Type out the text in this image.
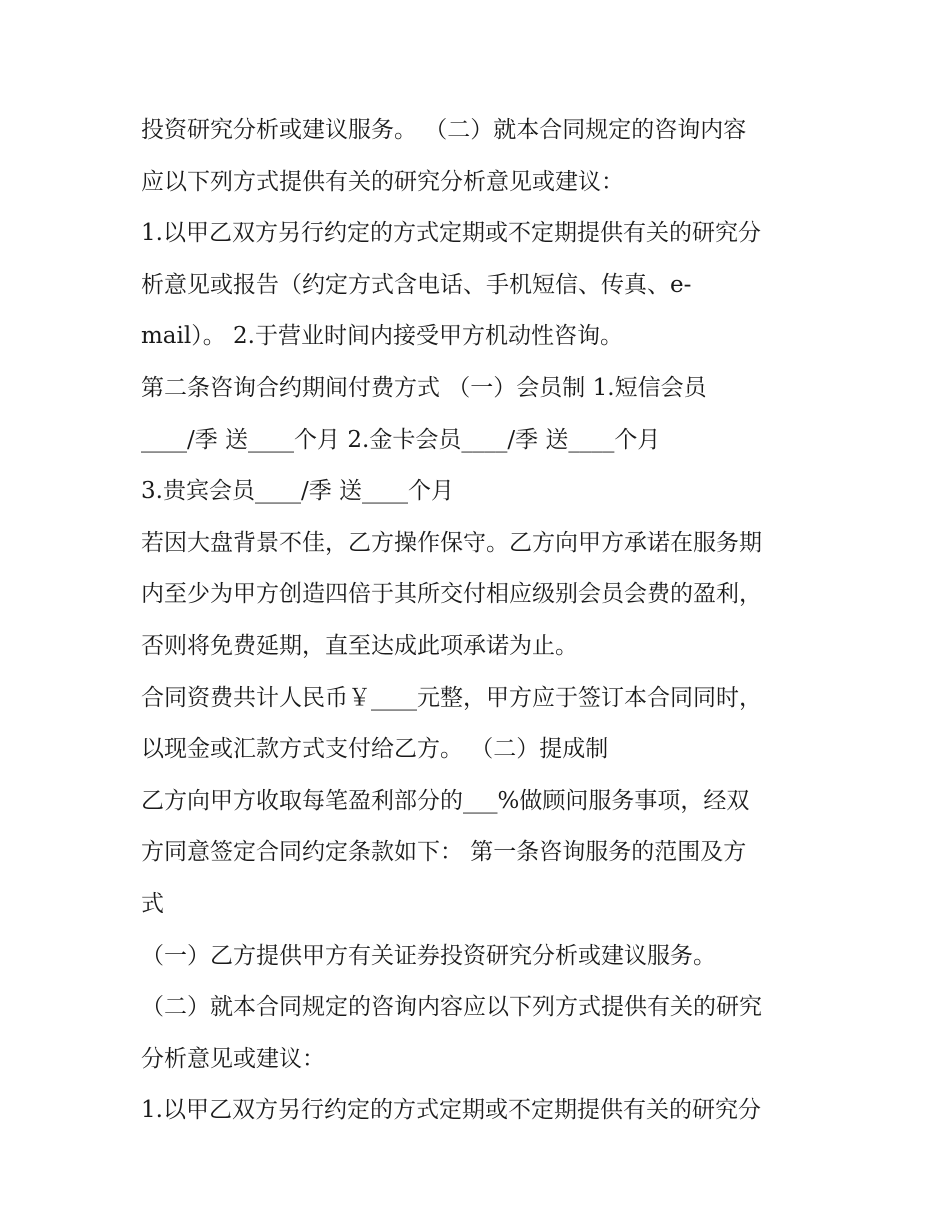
投资研究分析或建议服务。 （二）就本合同规定的咨询内容
应以下列方式提供有关的研究分析意见或建议：
1.以甲乙双方另行约定的方式定期或不定期提供有关的研究分
析意见或报告（约定方式含电话、手机短信、传真、e-
mail）。 2.于营业时间内接受甲方机动性咨询。
第二条咨询合约期间付费方式 （一）会员制 1.短信会员
____/季 送____个月 2.金卡会员____/季 送____个月
3.贵宾会员____/季 送____个月
若因大盘背景不佳，乙方操作保守。乙方向甲方承诺在服务期
内至少为甲方创造四倍于其所交付相应级别会员会费的盈利，
否则将免费延期，直至达成此项承诺为止。
合同资费共计人民币￥____元整，甲方应于签订本合同同时，
以现金或汇款方式支付给乙方。 （二）提成制
乙方向甲方收取每笔盈利部分的___%做顾问服务事项，经双
方同意签定合同约定条款如下： 第一条咨询服务的范围及方
式
（一）乙方提供甲方有关证券投资研究分析或建议服务。
（二）就本合同规定的咨询内容应以下列方式提供有关的研究
分析意见或建议：
1.以甲乙双方另行约定的方式定期或不定期提供有关的研究分
